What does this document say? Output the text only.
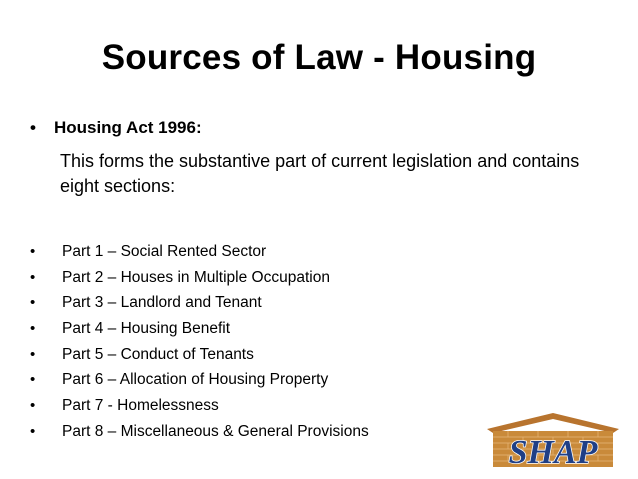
Sources of Law - Housing
• Housing Act 1996:
This forms the substantive part of current legislation and contains eight sections:
•	Part 1 – Social Rented Sector
•	Part 2 – Houses in Multiple Occupation
•	Part 3 – Landlord and Tenant
•	Part 4 – Housing Benefit
•	Part 5 – Conduct of Tenants
•	Part 6 – Allocation of Housing Property
•	Part 7 - Homelessness
•	Part 8 – Miscellaneous & General Provisions
SHAP
